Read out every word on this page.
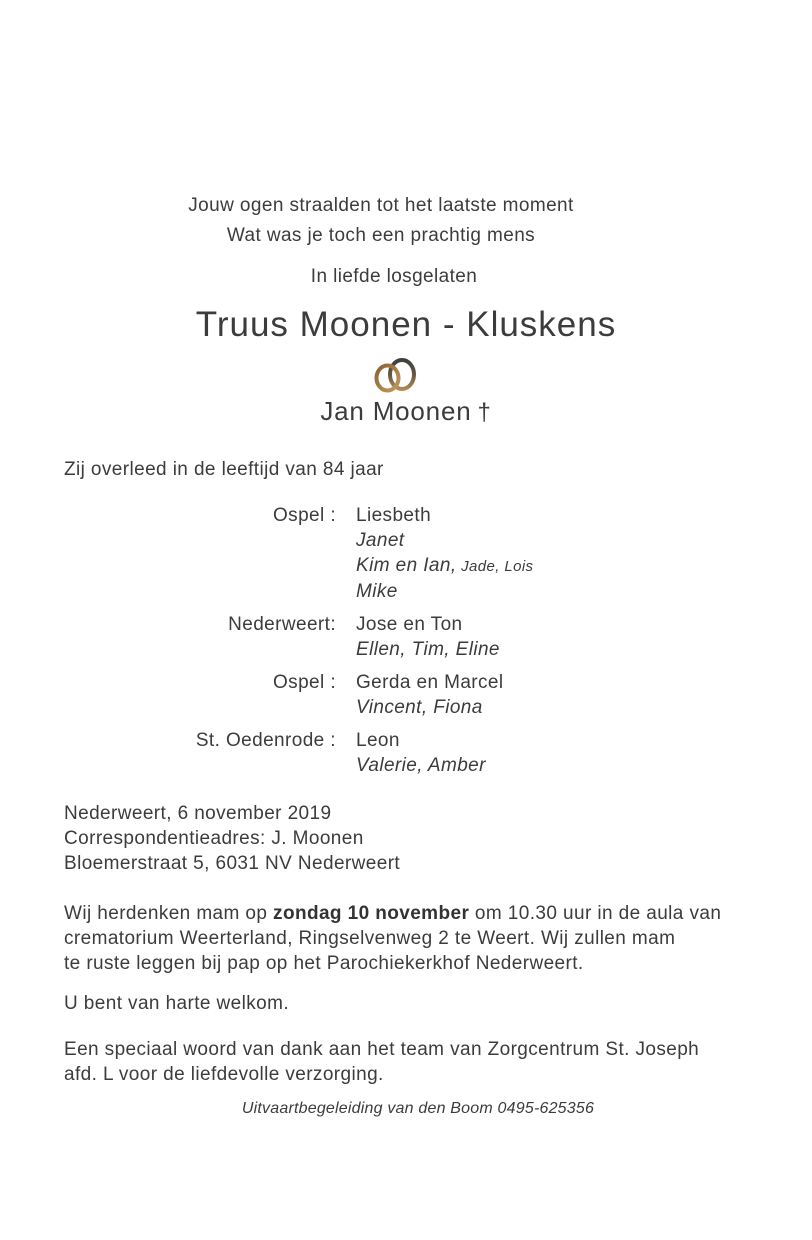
Jouw ogen straalden tot het laatste moment
Wat was je toch een prachtig mens
In liefde losgelaten
Truus Moonen - Kluskens
Jan Moonen †
Zij overleed in de leeftijd van 84 jaar
Ospel : Liesbeth
Janet
Kim en Ian, Jade, Lois
Mike
Nederweert: Jose en Ton
Ellen, Tim, Eline
Ospel : Gerda en Marcel
Vincent, Fiona
St. Oedenrode : Leon
Valerie, Amber
Nederweert, 6 november 2019
Correspondentieadres: J. Moonen
Bloemerstraat 5, 6031 NV Nederweert
Wij herdenken mam op zondag 10 november om 10.30 uur in de aula van
crematorium Weerterland, Ringselvenweg 2 te Weert. Wij zullen mam
te ruste leggen bij pap op het Parochiekerkhof Nederweert.
U bent van harte welkom.
Een speciaal woord van dank aan het team van Zorgcentrum St. Joseph
afd. L voor de liefdevolle verzorging.
Uitvaartbegeleiding van den Boom 0495-625356
